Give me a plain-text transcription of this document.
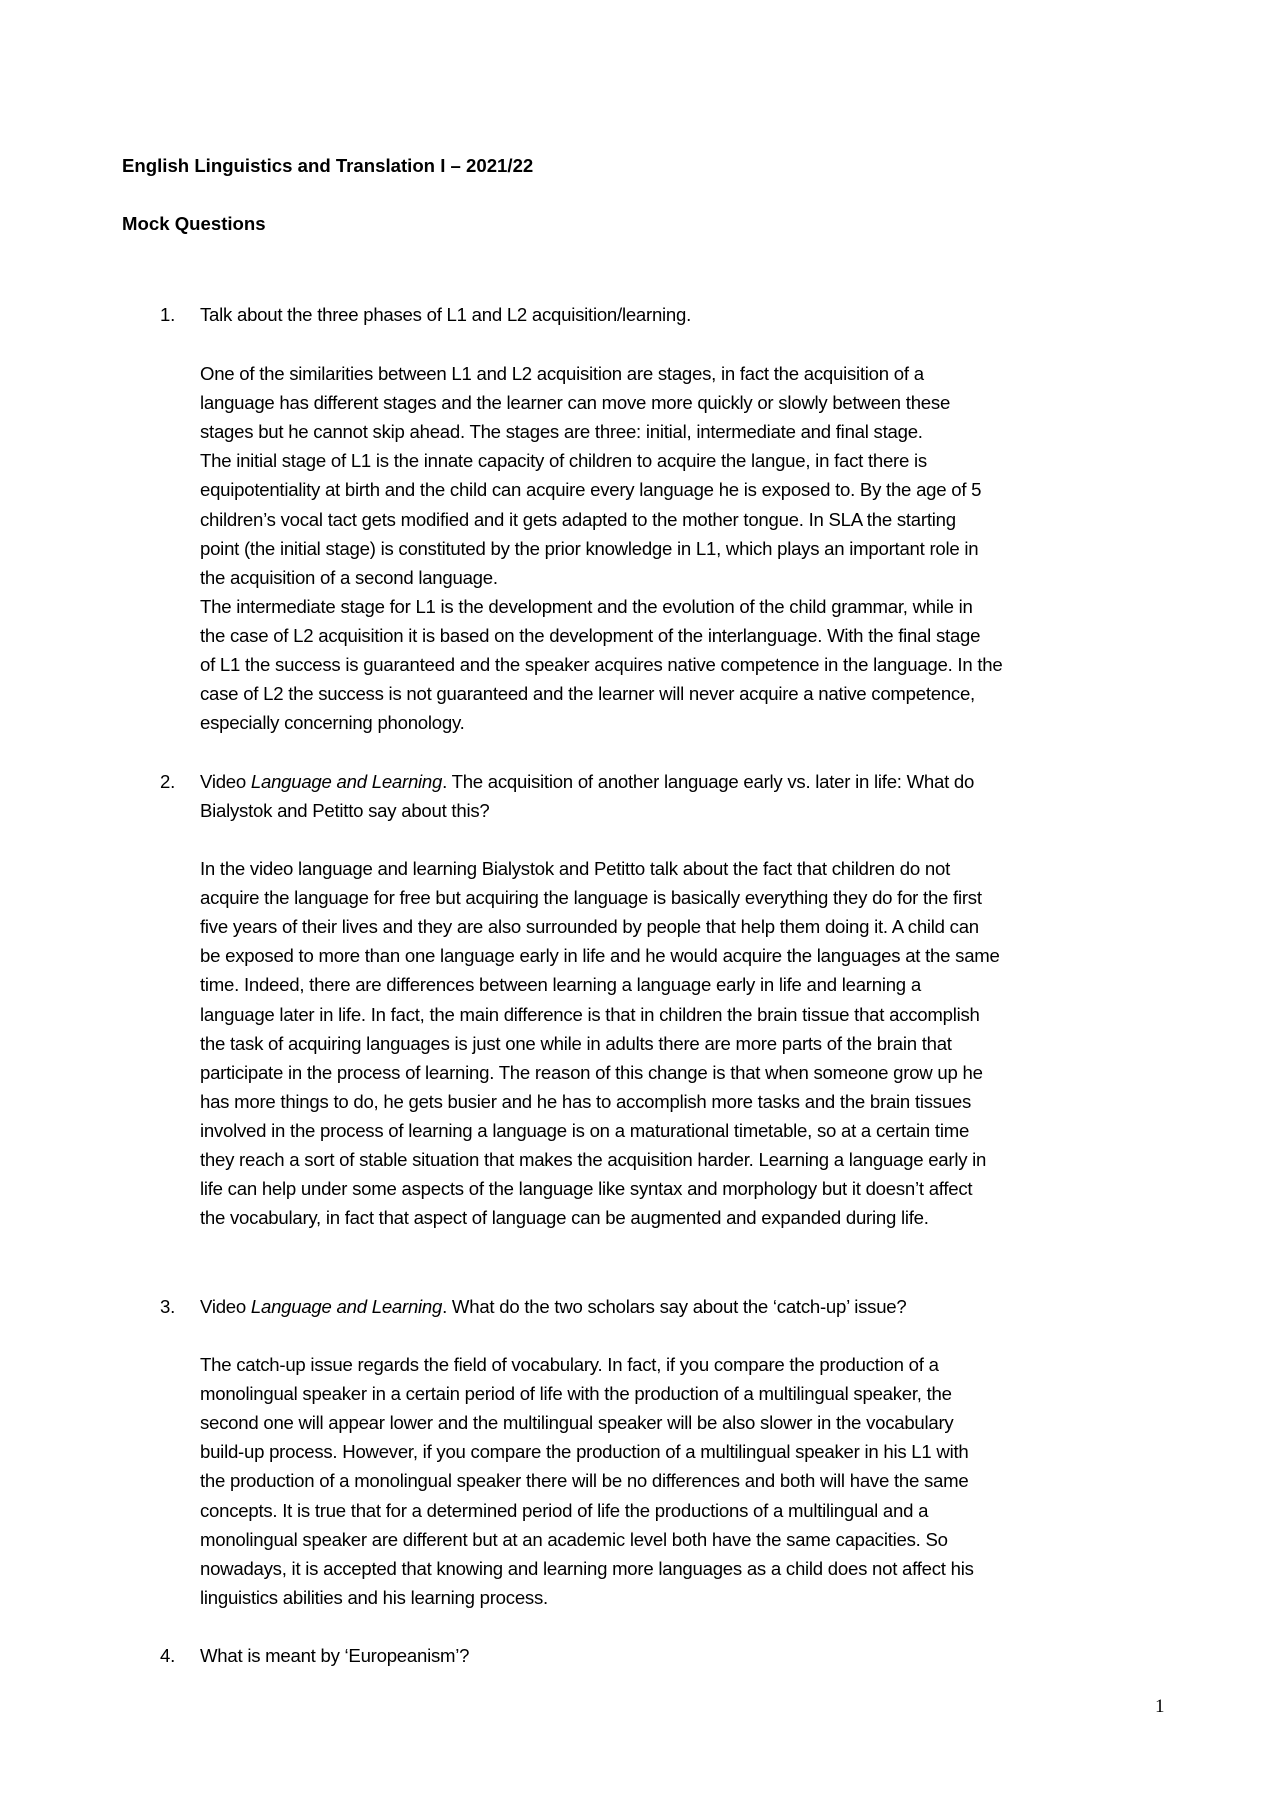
English Linguistics and Translation I – 2021/22
Mock Questions
1. Talk about the three phases of L1 and L2 acquisition/learning.
One of the similarities between L1 and L2 acquisition are stages, in fact the acquisition of a
language has different stages and the learner can move more quickly or slowly between these
stages but he cannot skip ahead. The stages are three: initial, intermediate and final stage.
The initial stage of L1 is the innate capacity of children to acquire the langue, in fact there is
equipotentiality at birth and the child can acquire every language he is exposed to. By the age of 5
children’s vocal tact gets modified and it gets adapted to the mother tongue. In SLA the starting
point (the initial stage) is constituted by the prior knowledge in L1, which plays an important role in
the acquisition of a second language.
The intermediate stage for L1 is the development and the evolution of the child grammar, while in
the case of L2 acquisition it is based on the development of the interlanguage. With the final stage
of L1 the success is guaranteed and the speaker acquires native competence in the language. In the
case of L2 the success is not guaranteed and the learner will never acquire a native competence,
especially concerning phonology.
2. Video Language and Learning. The acquisition of another language early vs. later in life: What do
Bialystok and Petitto say about this?
In the video language and learning Bialystok and Petitto talk about the fact that children do not
acquire the language for free but acquiring the language is basically everything they do for the first
five years of their lives and they are also surrounded by people that help them doing it. A child can
be exposed to more than one language early in life and he would acquire the languages at the same
time. Indeed, there are differences between learning a language early in life and learning a
language later in life. In fact, the main difference is that in children the brain tissue that accomplish
the task of acquiring languages is just one while in adults there are more parts of the brain that
participate in the process of learning. The reason of this change is that when someone grow up he
has more things to do, he gets busier and he has to accomplish more tasks and the brain tissues
involved in the process of learning a language is on a maturational timetable, so at a certain time
they reach a sort of stable situation that makes the acquisition harder. Learning a language early in
life can help under some aspects of the language like syntax and morphology but it doesn’t affect
the vocabulary, in fact that aspect of language can be augmented and expanded during life.
3. Video Language and Learning. What do the two scholars say about the ‘catch-up’ issue?
The catch-up issue regards the field of vocabulary. In fact, if you compare the production of a
monolingual speaker in a certain period of life with the production of a multilingual speaker, the
second one will appear lower and the multilingual speaker will be also slower in the vocabulary
build-up process. However, if you compare the production of a multilingual speaker in his L1 with
the production of a monolingual speaker there will be no differences and both will have the same
concepts. It is true that for a determined period of life the productions of a multilingual and a
monolingual speaker are different but at an academic level both have the same capacities. So
nowadays, it is accepted that knowing and learning more languages as a child does not affect his
linguistics abilities and his learning process.
4. What is meant by ‘Europeanism’?
1
